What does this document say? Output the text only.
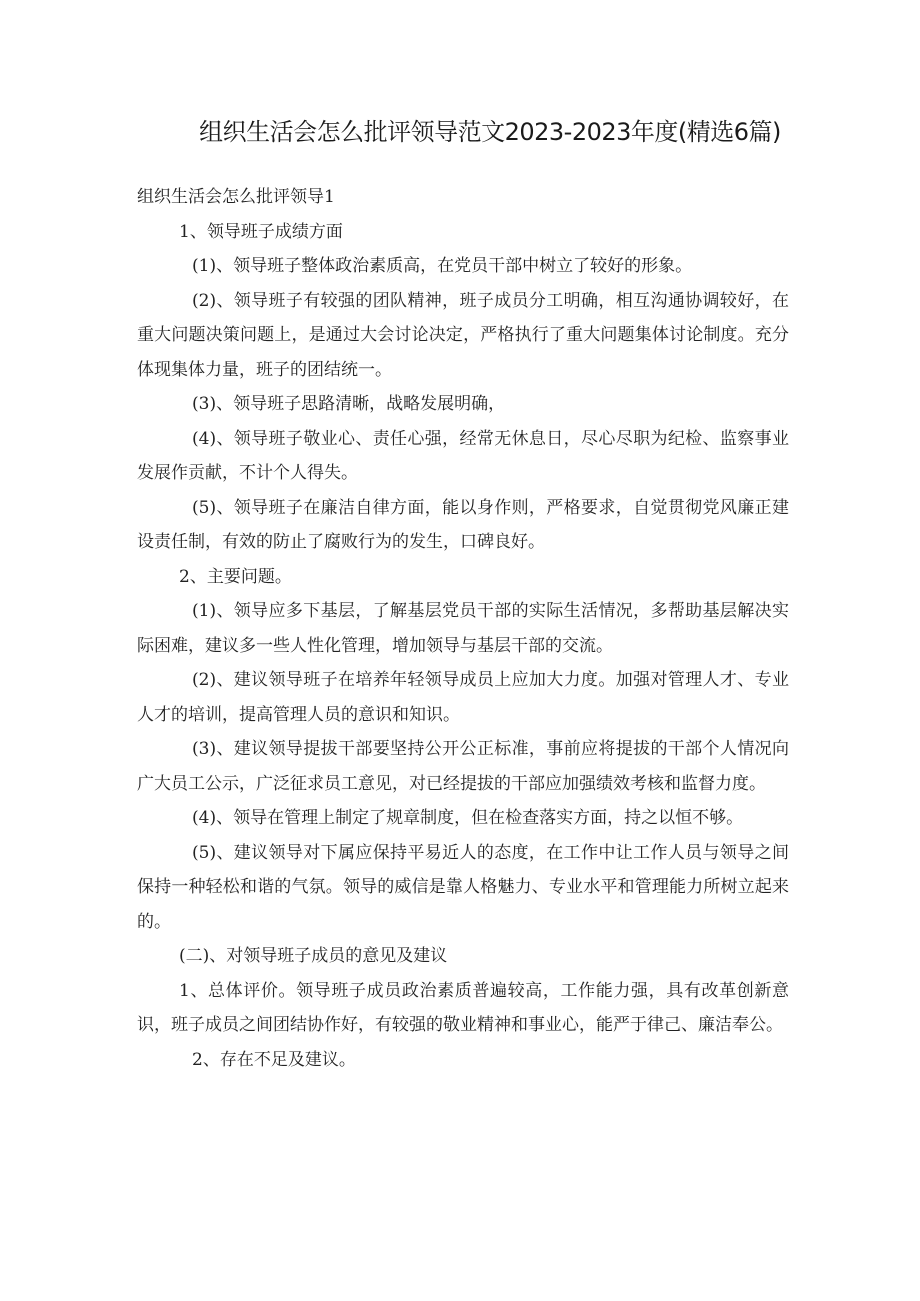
组织生活会怎么批评领导范文2023-2023年度(精选6篇)

组织生活会怎么批评领导1

1、领导班子成绩方面

(1)、领导班子整体政治素质高，在党员干部中树立了较好的形象。

(2)、领导班子有较强的团队精神，班子成员分工明确，相互沟通协调较好，在重大问题决策问题上，是通过大会讨论决定，严格执行了重大问题集体讨论制度。充分体现集体力量，班子的团结统一。

(3)、领导班子思路清晰，战略发展明确，

(4)、领导班子敬业心、责任心强，经常无休息日，尽心尽职为纪检、监察事业发展作贡献，不计个人得失。

(5)、领导班子在廉洁自律方面，能以身作则，严格要求，自觉贯彻党风廉正建设责任制，有效的防止了腐败行为的发生，口碑良好。

2、主要问题。

(1)、领导应多下基层，了解基层党员干部的实际生活情况，多帮助基层解决实际困难，建议多一些人性化管理，增加领导与基层干部的交流。

(2)、建议领导班子在培养年轻领导成员上应加大力度。加强对管理人才、专业人才的培训，提高管理人员的意识和知识。

(3)、建议领导提拔干部要坚持公开公正标准，事前应将提拔的干部个人情况向广大员工公示，广泛征求员工意见，对已经提拔的干部应加强绩效考核和监督力度。

(4)、领导在管理上制定了规章制度，但在检查落实方面，持之以恒不够。

(5)、建议领导对下属应保持平易近人的态度，在工作中让工作人员与领导之间保持一种轻松和谐的气氛。领导的威信是靠人格魅力、专业水平和管理能力所树立起来的。

(二)、对领导班子成员的意见及建议

1、总体评价。领导班子成员政治素质普遍较高，工作能力强，具有改革创新意识，班子成员之间团结协作好，有较强的敬业精神和事业心，能严于律己、廉洁奉公。

2、存在不足及建议。
